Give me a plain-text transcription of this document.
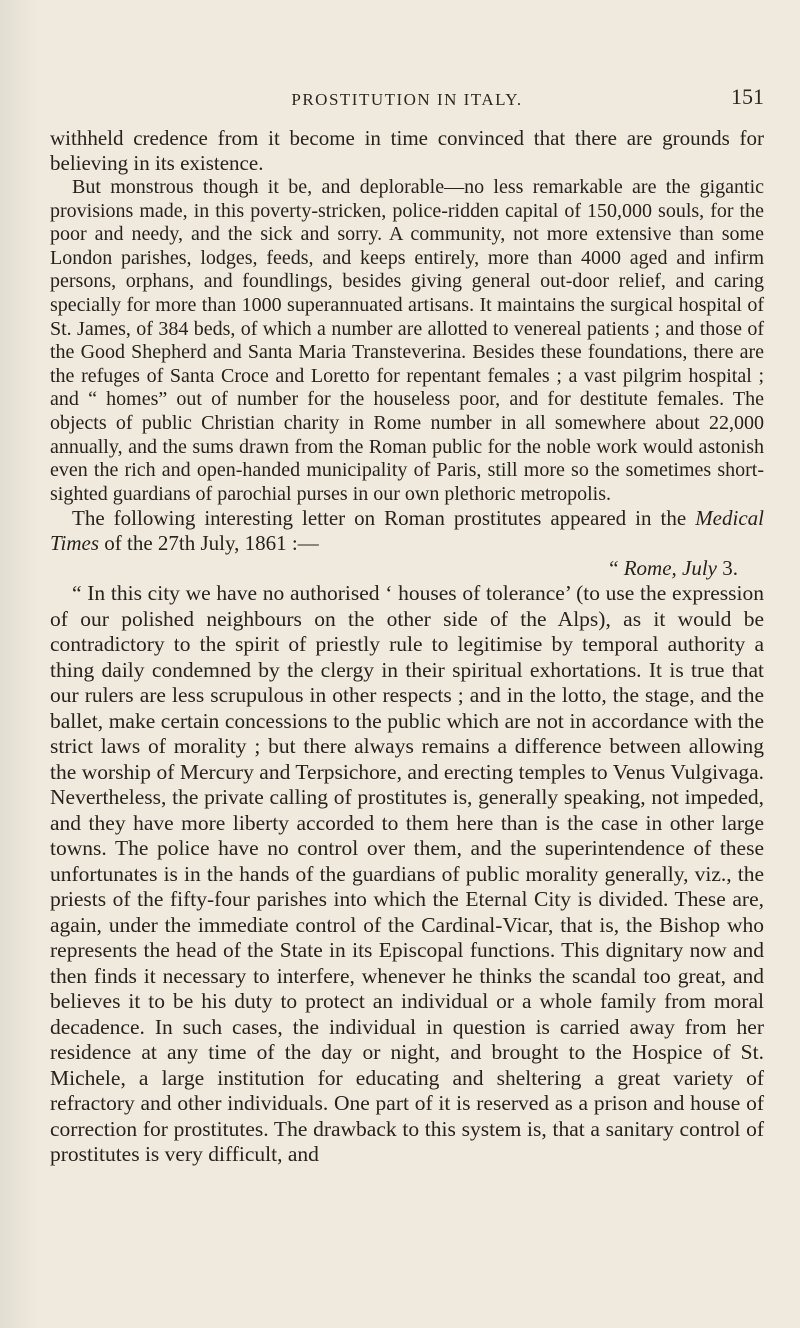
PROSTITUTION IN ITALY.	151

withheld credence from it become in time convinced that there are grounds for believing in its existence.

But monstrous though it be, and deplorable—no less remarkable are the gigantic provisions made, in this poverty-stricken, police-ridden capital of 150,000 souls, for the poor and needy, and the sick and sorry. A community, not more extensive than some London parishes, lodges, feeds, and keeps entirely, more than 4000 aged and infirm persons, orphans, and foundlings, besides giving general out-door relief, and caring specially for more than 1000 superannuated artisans. It maintains the surgical hospital of St. James, of 384 beds, of which a number are allotted to venereal patients ; and those of the Good Shepherd and Santa Maria Transteverina. Besides these foundations, there are the refuges of Santa Croce and Loretto for repentant females ; a vast pilgrim hospital ; and “ homes” out of number for the houseless poor, and for destitute females. The objects of public Christian charity in Rome number in all somewhere about 22,000 annually, and the sums drawn from the Roman public for the noble work would astonish even the rich and open-handed municipality of Paris, still more so the sometimes short-sighted guardians of parochial purses in our own plethoric metropolis.

The following interesting letter on Roman prostitutes appeared in the Medical Times of the 27th July, 1861 :—

“ Rome, July 3.

“ In this city we have no authorised ‘ houses of tolerance’ (to use the expression of our polished neighbours on the other side of the Alps), as it would be contradictory to the spirit of priestly rule to legitimise by temporal authority a thing daily condemned by the clergy in their spiritual exhortations. It is true that our rulers are less scrupulous in other respects ; and in the lotto, the stage, and the ballet, make certain concessions to the public which are not in accordance with the strict laws of morality ; but there always remains a difference between allowing the worship of Mercury and Terpsichore, and erecting temples to Venus Vulgivaga. Nevertheless, the private calling of prostitutes is, generally speaking, not impeded, and they have more liberty accorded to them here than is the case in other large towns. The police have no control over them, and the superintendence of these unfortunates is in the hands of the guardians of public morality generally, viz., the priests of the fifty-four parishes into which the Eternal City is divided. These are, again, under the immediate control of the Cardinal-Vicar, that is, the Bishop who represents the head of the State in its Episcopal functions. This dignitary now and then finds it necessary to interfere, whenever he thinks the scandal too great, and believes it to be his duty to protect an individual or a whole family from moral decadence. In such cases, the individual in question is carried away from her residence at any time of the day or night, and brought to the Hospice of St. Michele, a large institution for educating and sheltering a great variety of refractory and other individuals. One part of it is reserved as a prison and house of correction for prostitutes. The drawback to this system is, that a sanitary control of prostitutes is very difficult, and
